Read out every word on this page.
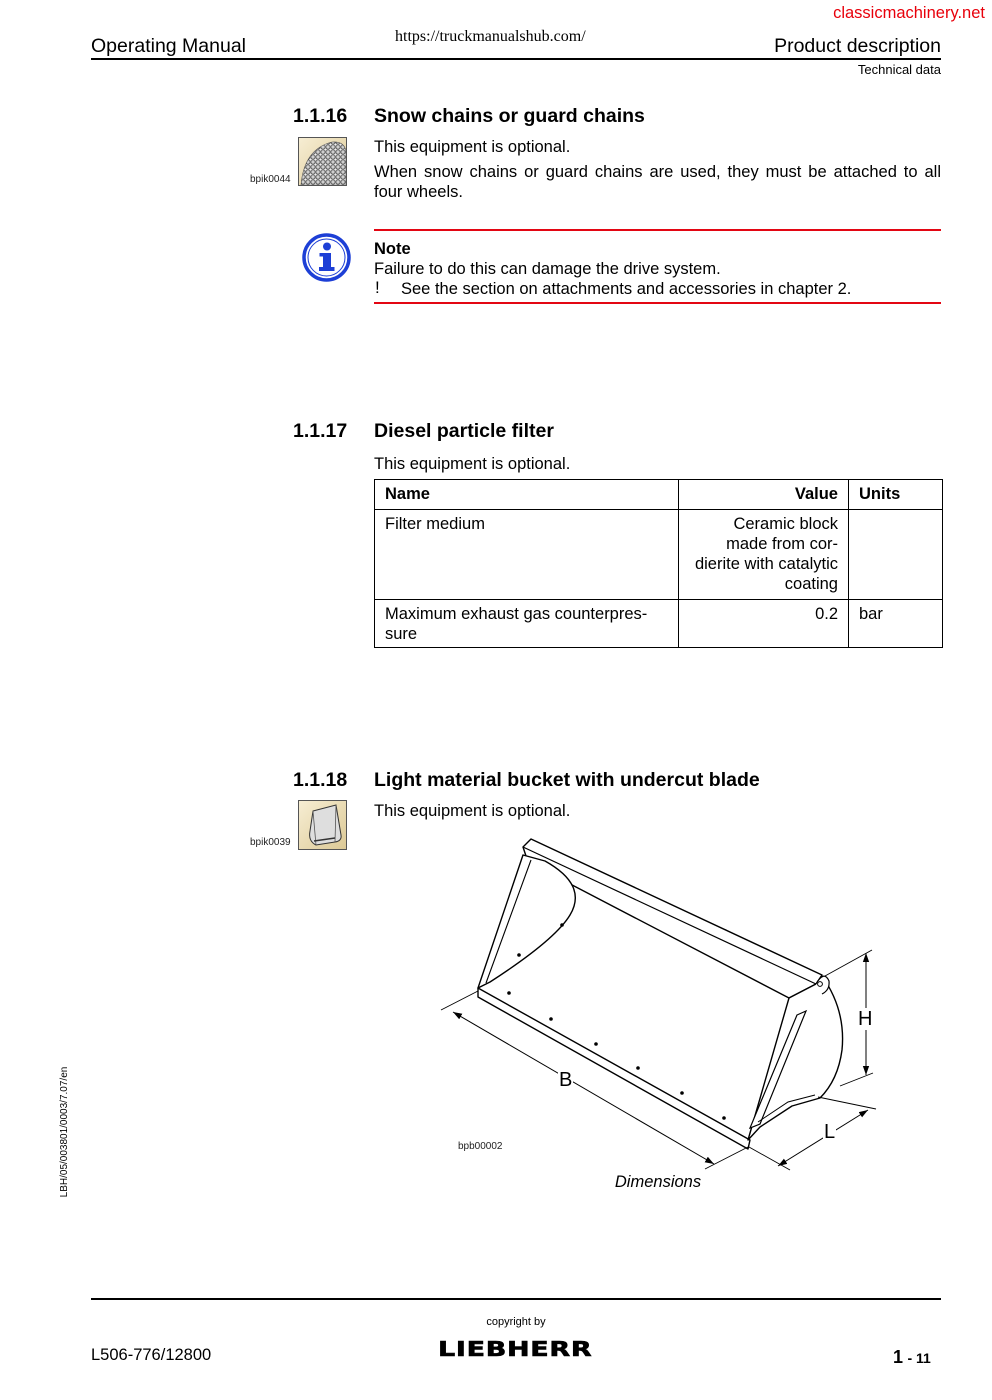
classicmachinery.net
https://truckmanualshub.com/
Operating Manual	Product description
Technical data
1.1.16 Snow chains or guard chains
bpik0044
This equipment is optional.

When snow chains or guard chains are used, they must be attached to all four wheels.

Note
Failure to do this can damage the drive system.
! See the section on attachments and accessories in chapter 2.
1.1.17 Diesel particle filter
This equipment is optional.
Name	Value	Units

Filter medium	Ceramic block
made from cor-
dierite with catalytic
coating	

Maximum exhaust gas counterpres-
sure	0.2	bar
1.1.18 Light material bucket with undercut blade
This equipment is optional.
bpik0039
H
B
L
bpb00002
Dimensions
LBH/05/003801/0003/7.07/en
copyright by
L506-776/12800	LIEBHERR	1 - 11
